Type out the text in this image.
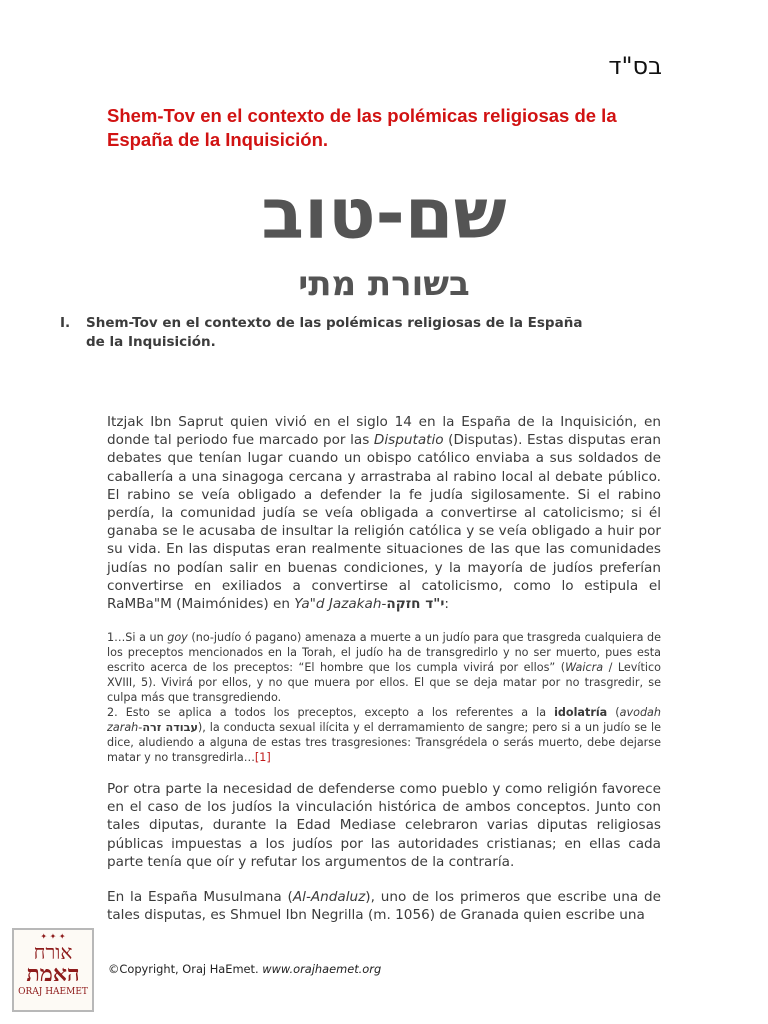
בס"ד
Shem-Tov en el contexto de las polémicas religiosas de la España de la Inquisición.
שם-טוב
בשורת מתי
I.	Shem-Tov en el contexto de las polémicas religiosas de la España de la Inquisición.
Itzjak Ibn Saprut quien vivió en el siglo 14 en la España de la Inquisición, en donde tal periodo fue marcado por las Disputatio (Disputas). Estas disputas eran debates que tenían lugar cuando un obispo católico enviaba a sus soldados de caballería a una sinagoga cercana y arrastraba al rabino local al debate público. El rabino se veía obligado a defender la fe judía sigilosamente. Si el rabino perdía, la comunidad judía se veía obligada a convertirse al catolicismo; si él ganaba se le acusaba de insultar la religión católica y se veía obligado a huir por su vida. En las disputas eran realmente situaciones de las que las comunidades judías no podían salir en buenas condiciones, y la mayoría de judíos preferían convertirse en exiliados a convertirse al catolicismo, como lo estipula el RaMBa"M (Maimónides) en Ya"d Jazakah-י"ד חזקה:
1…Si a un goy (no-judío ó pagano) amenaza a muerte a un judío para que trasgreda cualquiera de los preceptos mencionados en la Torah, el judío ha de transgredirlo y no ser muerto, pues esta escrito acerca de los preceptos: “El hombre que los cumpla vivirá por ellos” (Waicra / Levítico XVIII, 5). Vivirá por ellos, y no que muera por ellos. El que se deja matar por no trasgredir, se culpa más que transgrediendo.
2. Esto se aplica a todos los preceptos, excepto a los referentes a la idolatría (avodah zarah-עבודה זרה), la conducta sexual ilícita y el derramamiento de sangre; pero si a un judío se le dice, aludiendo a alguna de estas tres trasgresiones: Transgrédela o serás muerto, debe dejarse matar y no transgredirla…[1]
Por otra parte la necesidad de defenderse como pueblo y como religión favorece en el caso de los judíos la vinculación histórica de ambos conceptos. Junto con tales diputas, durante la Edad Mediase celebraron varias diputas religiosas públicas impuestas a los judíos por las autoridades cristianas; en ellas cada parte tenía que oír y refutar los argumentos de la contraría.
En la España Musulmana (Al-Andaluz), uno de los primeros que escribe una de tales disputas, es Shmuel Ibn Negrilla (m. 1056) de Granada quien escribe una
✦ ✦ ✦
אורח
האמת
ORAJ HAEMET
©Copyright, Oraj HaEmet. www.orajhaemet.org
